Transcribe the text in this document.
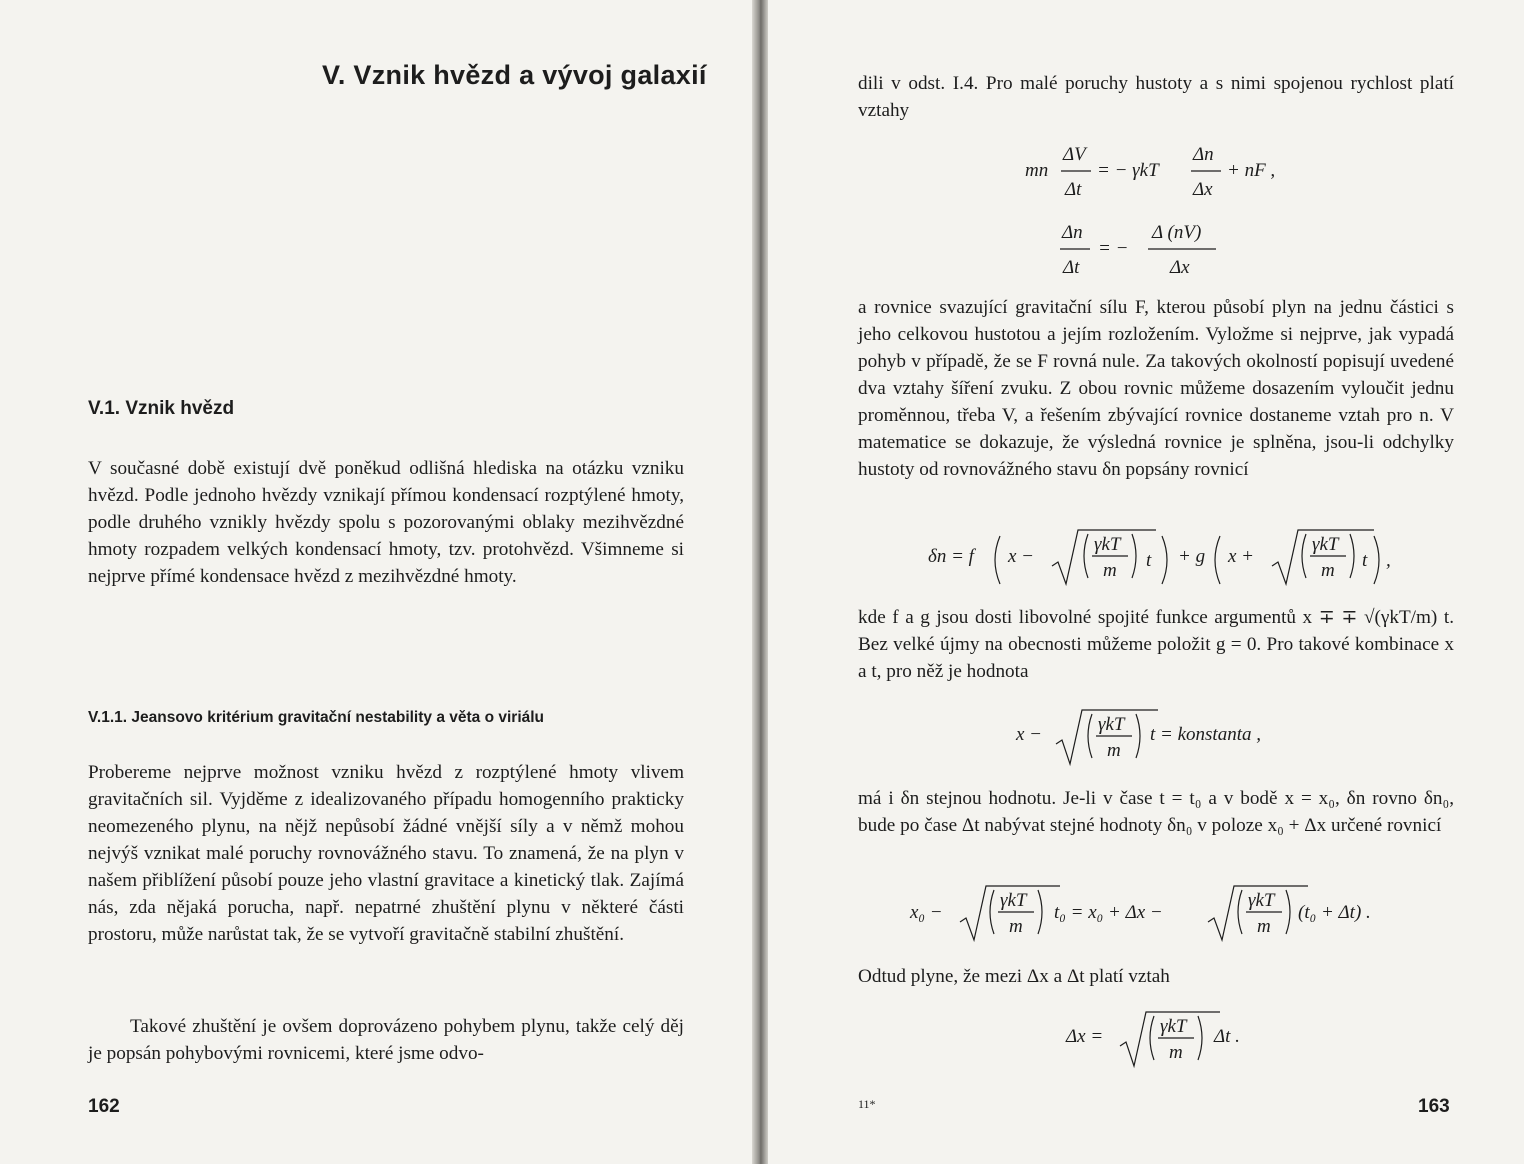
V. Vznik hvězd a vývoj galaxií
V.1. Vznik hvězd

V současné době existují dvě poněkud odlišná hlediska na otázku vzniku hvězd. Podle jednoho hvězdy vznikají přímou kondensací rozptýlené hmoty, podle druhého vznikly hvězdy spolu s pozorovanými oblaky mezihvězdné hmoty rozpadem velkých kondensací hmoty, tzv. protohvězd. Všimneme si nejprve přímé kondensace hvězd z mezihvězdné hmoty.

V.1.1. Jeansovo kritérium gravitační nestability a věta o viriálu

Probereme nejprve možnost vzniku hvězd z rozptýlené hmoty vlivem gravitačních sil. Vyjděme z idealizovaného případu homogenního prakticky neomezeného plynu, na nějž nepůsobí žádné vnější síly a v němž mohou nejvýš vznikat malé poruchy rovnovážného stavu. To znamená, že na plyn v našem přiblížení působí pouze jeho vlastní gravitace a kinetický tlak. Zajímá nás, zda nějaká porucha, např. nepatrné zhuštění plynu v některé části prostoru, může narůstat tak, že se vytvoří gravitačně stabilní zhuštění.

Takové zhuštění je ovšem doprovázeno pohybem plynu, takže celý děj je popsán pohybovými rovnicemi, které jsme odvo-

162

dili v odst. I.4. Pro malé poruchy hustoty a s nimi spojenou rychlost platí vztahy

mn
ΔV
Δt
= − γkT
Δn
Δx
+ nF ,
Δn
Δt
= −
Δ (nV)
Δx

a rovnice svazující gravitační sílu F, kterou působí plyn na jednu částici s jeho celkovou hustotou a jejím rozložením. Vyložme si nejprve, jak vypadá pohyb v případě, že se F rovná nule. Za takových okolností popisují uvedené dva vztahy šíření zvuku. Z obou rovnic můžeme dosazením vyloučit jednu proměnnou, třeba V, a řešením zbývající rovnice dostaneme vztah pro n. V matematice se dokazuje, že výsledná rovnice je splněna, jsou-li odchylky hustoty od rovnovážného stavu δn popsány rovnicí

δn = f x −
γkT
m t + g x +
γkT
m t ,

kde f a g jsou dosti libovolné spojité funkce argumentů x ∓ ∓ √(γkT/m) t. Bez velké újmy na obecnosti můžeme položit g = 0. Pro takové kombinace x a t, pro něž je hodnota

x −	γkT
m
t = konstanta ,

má i δn stejnou hodnotu. Je-li v čase t = t₀ a v bodě x = x₀, δn rovno δn₀, bude po čase Δt nabývat stejné hodnoty δn₀ v poloze x₀ + Δx určené rovnicí

x₀ −
γkT
m
t₀ = x₀ + Δx −
γkT
m
(t₀ + Δt) .

Odtud plyne, že mezi Δx a Δt platí vztah

Δx =	γkT
m
Δt .
11*	163
